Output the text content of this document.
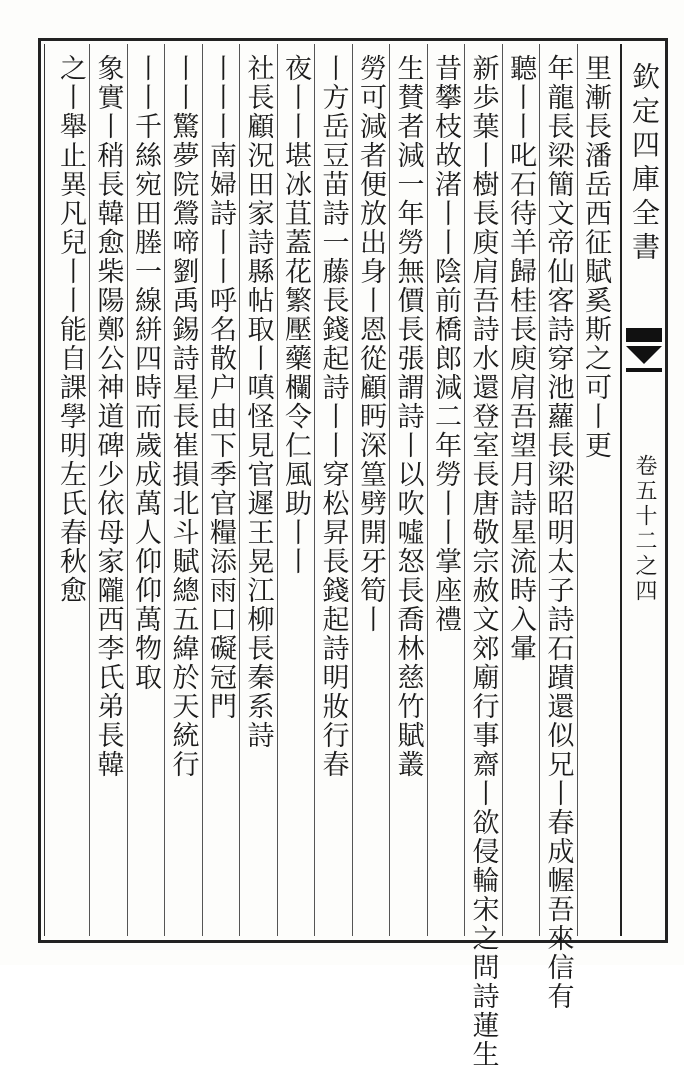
欽定四庫全書
卷五十二之四
里漸長潘岳西征賦奚斯之可丨更
年龍長梁簡文帝仙客詩穿池蘿長梁昭明太子詩石蹟還似兄丨春成幄吾來信有
聽丨丨叱石待羊歸桂長庾肩吾望月詩星流時入暈
新歩葉丨樹長庾肩吾詩水還登室長唐敬宗赦文郊廟行事齋丨欲侵輪宋之問詩蓮生
昔攀枝故渚丨丨陰前橋郎減二年勞丨丨掌座禮
生賛者減一年勞無價長張謂詩丨以吹噓怒長喬林慈竹賦叢
勞可減者便放出身丨恩從顧眄深篁劈開牙筍丨
丨方岳豆苗詩一藤長錢起詩丨丨穿松昇長錢起詩明妝行春
夜丨丨堪冰苴蓋花繁壓藥欄令仁風助丨丨
社長顧況田家詩縣帖取丨嗔怪見官遲王晃江柳長秦系詩
丨丨丨南婦詩丨丨呼名散户由下季官糧添雨口礙冠門
丨丨驚夢院鶯啼劉禹錫詩星長崔損北斗賦總五緯於天統行
丨丨千絲宛田塍一線絣四時而歲成萬人仰仰萬物取
象實丨稍長韓愈柴陽鄭公神道碑少依母家隴西李氏弟長韓
之丨舉止異凡兒丨丨能自課學明左氏春秋愈
